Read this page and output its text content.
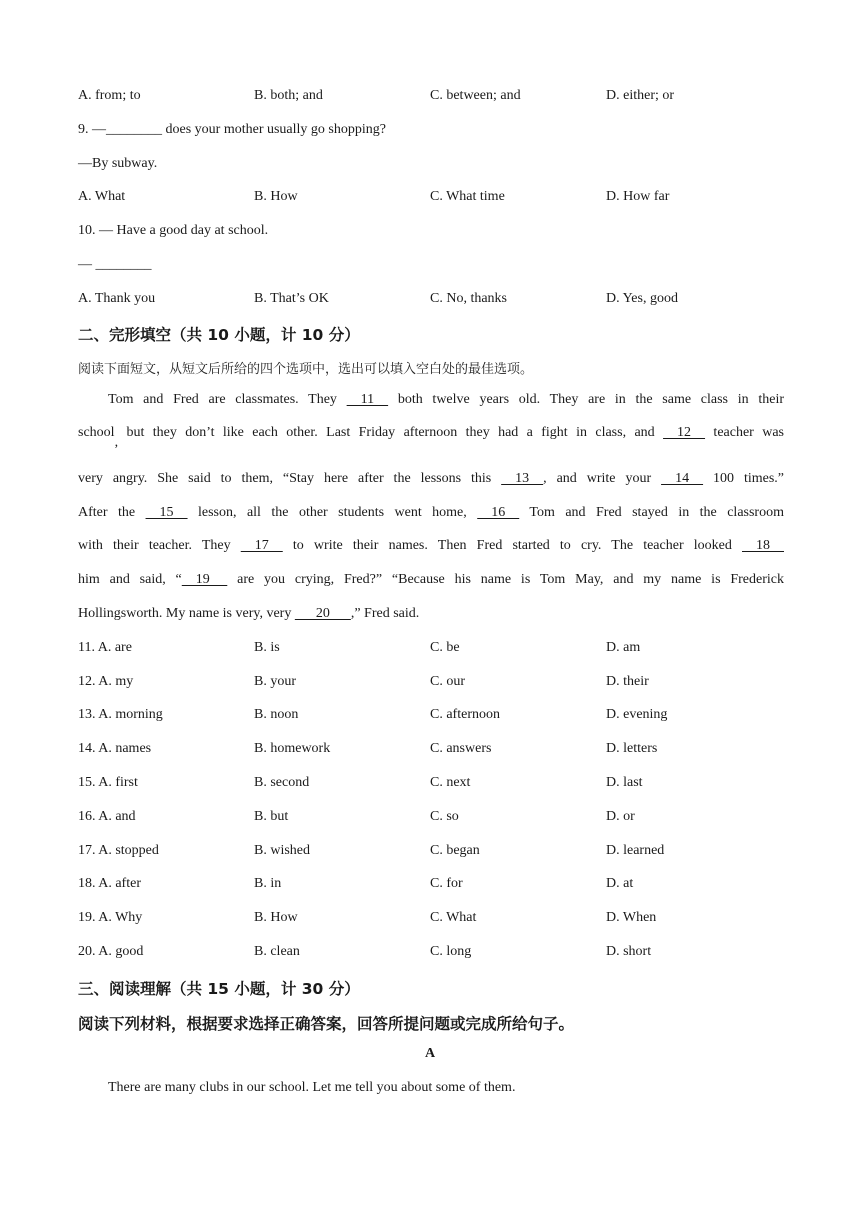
A. from; to	B. both; and	C. between; and	D. either; or
9. —________ does your mother usually go shopping?
—By subway.
A. What	B. How	C. What time	D. How far
10. — Have a good day at school.
— ________
A. Thank you	B. That’s OK	C. No, thanks	D. Yes, good
二、完形填空（共 10 小题，计 10 分）
阅读下面短文，从短文后所给的四个选项中，选出可以填入空白处的最佳选项。
Tom and Fred are classmates. They     11     both twelve years old. They are in the same class in their
school, but they don’t like each other. Last Friday afternoon they had a fight in class, and     12     teacher was
very angry. She said to them, “Stay here after the lessons this     13    , and write your     14     100 times.”
After the     15     lesson, all the other students went home,     16     Tom and Fred stayed in the classroom
with their teacher. They     17     to write their names. Then Fred started to cry. The teacher looked     18
him and said, “    19      are you crying, Fred?” “Because his name is Tom May, and my name is Frederick
Hollingsworth. My name is very, very       20      ,” Fred said.
11. A. are	B. is	C. be	D. am
12. A. my	B. your	C. our	D. their
13. A. morning	B. noon	C. afternoon	D. evening
14. A. names	B. homework	C. answers	D. letters
15. A. first	B. second	C. next	D. last
16. A. and	B. but	C. so	D. or
17. A. stopped	B. wished	C. began	D. learned
18. A. after	B. in	C. for	D. at
19. A. Why	B. How	C. What	D. When
20. A. good	B. clean	C. long	D. short
三、阅读理解（共 15 小题，计 30 分）
阅读下列材料，根据要求选择正确答案，回答所提问题或完成所给句子。
A
There are many clubs in our school. Let me tell you about some of them.
